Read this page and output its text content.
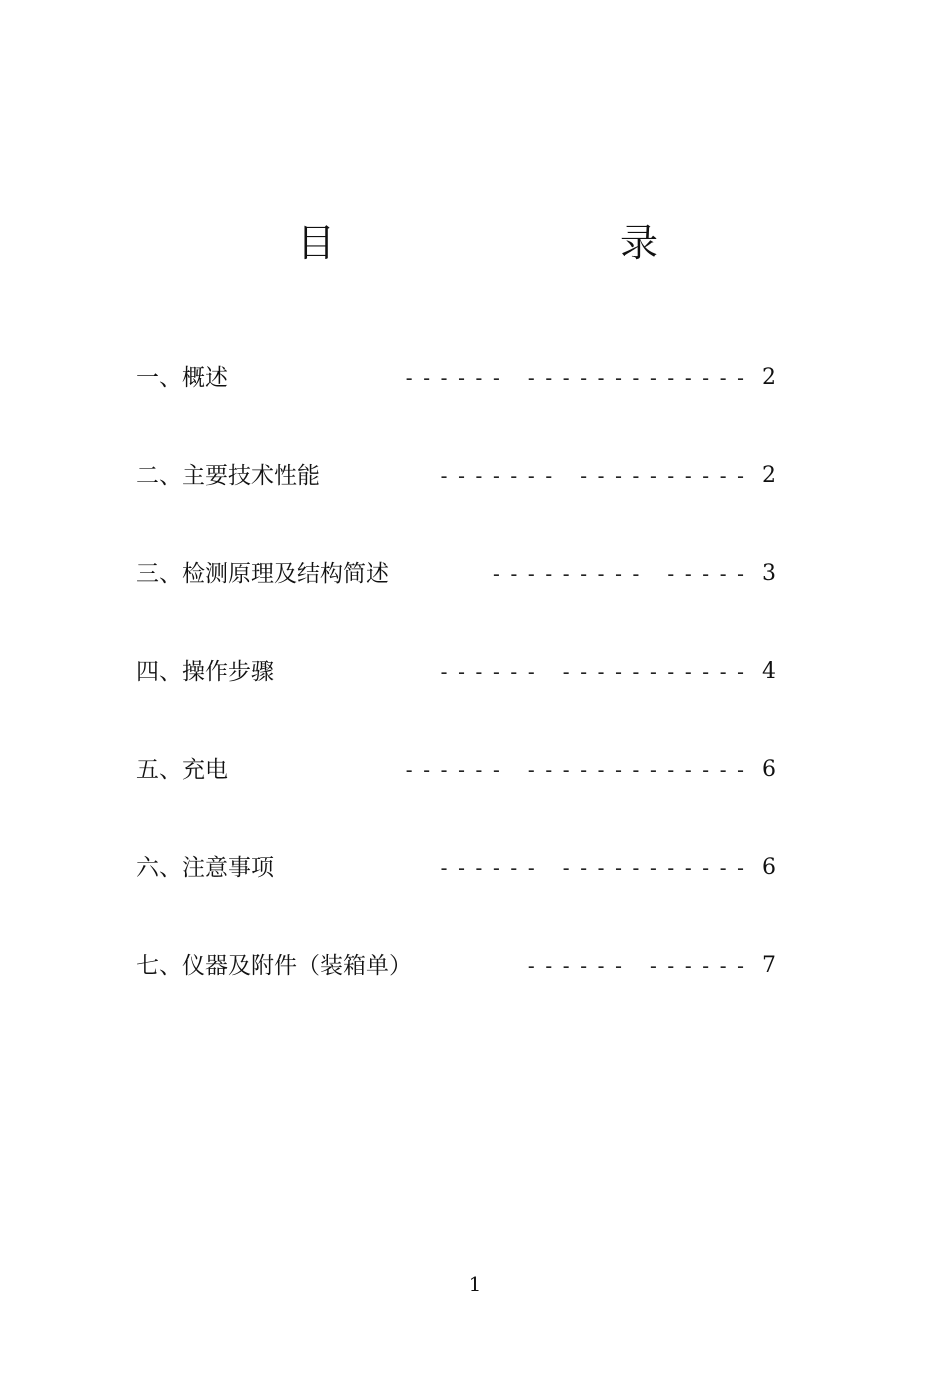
目	录
一、概述	------ ------------- 2
二、主要技术性能	------- ---------- 2
三、检测原理及结构简述	--------- ----- 3
四、操作步骤	------ ----------- 4
五、充电	------ ------------- 6
六、注意事项	------ ----------- 6
七、仪器及附件（装箱单）	------ ------ 7
1
